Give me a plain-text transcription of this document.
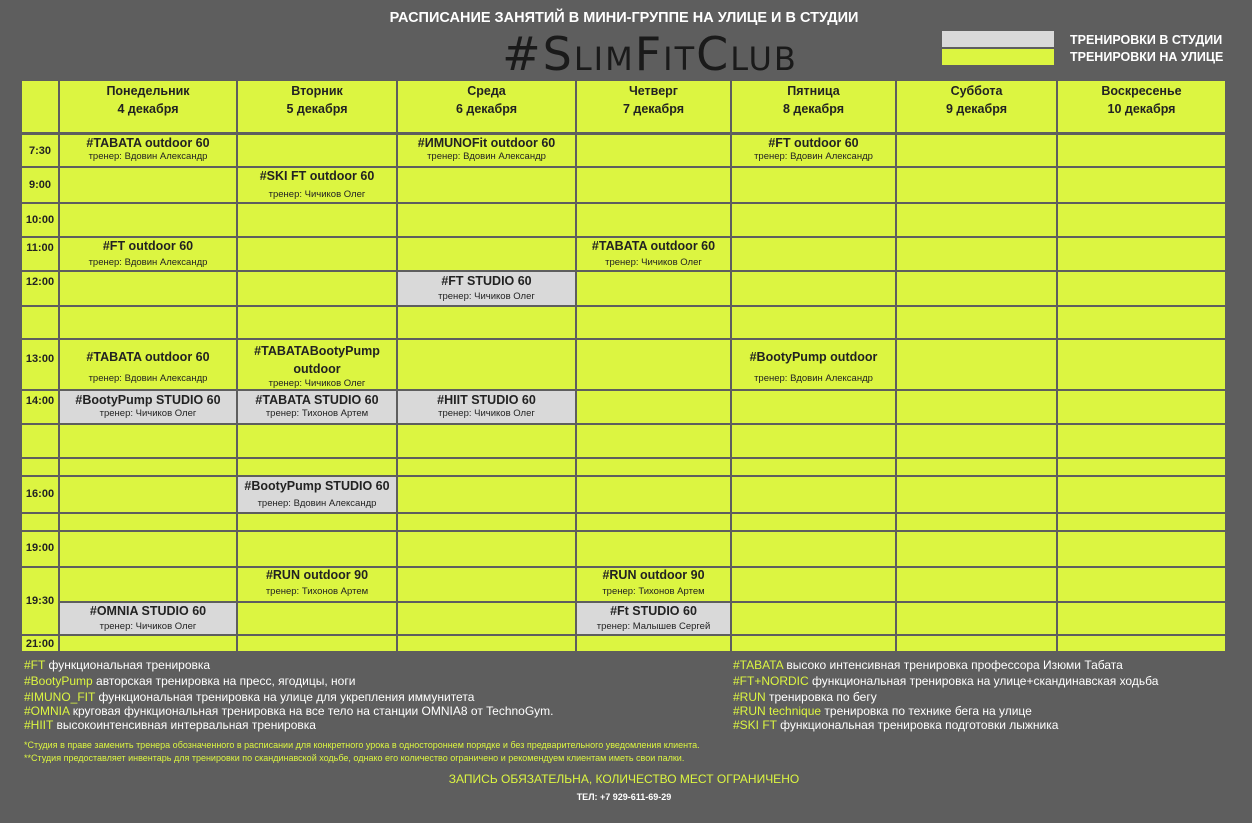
РАСПИСАНИЕ ЗАНЯТИЙ В МИНИ-ГРУППЕ НА УЛИЦЕ И В СТУДИИ
#SlimFitClub	ТРЕНИРОВКИ В СТУДИИ
ТРЕНИРОВКИ НА УЛИЦЕ
Понедельник
4 декабря
Вторник
5 декабря
Среда
6 декабря
Четверг
7 декабря
Пятница
8 декабря
Суббота
9 декабря
Воскресенье
10 декабря
7:30
9:00
10:00
11:00
12:00
13:00
14:00
16:00
19:00
19:30
21:00
#TABATA outdoor 60
тренер: Вдовин Александр
#ИMUNOFit outdoor 60
тренер: Вдовин Александр
#FT outdoor 60
тренер: Вдовин Александр
#SKI FT outdoor 60
тренер: Чичиков Олег
#FT outdoor 60
тренер: Вдовин Александр
#TABATA outdoor 60
тренер: Чичиков Олег
#FT STUDIO 60
тренер: Чичиков Олег
#TABATA outdoor 60
тренер: Вдовин Александр
#TABATABootyPump
outdoor
тренер: Чичиков Олег
#BootyPump outdoor
тренер: Вдовин Александр
#BootyPump STUDIO 60
тренер: Чичиков Олег
#TABATA STUDIO 60
тренер: Тихонов Артем
#HIIT STUDIO 60
тренер: Чичиков Олег
#BootyPump STUDIO 60
тренер: Вдовин Александр
#RUN outdoor 90
тренер: Тихонов Артем
#RUN outdoor 90
тренер: Тихонов Артем
#OMNIA STUDIO 60
тренер: Чичиков Олег
#Ft STUDIO 60
тренер: Малышев Сергей
#FT функциональная тренировка
#BootyPump авторская тренировка на пресс, ягодицы, ноги
#IMUNO_FIT функциональная тренировка на улице для укрепления иммунитета
#OMNIA круговая функциональная тренировка на все тело на станции OMNIA8 от TechnoGym.
#HIIT высокоинтенсивная интервальная тренировка
#TABATA высоко интенсивная тренировка профессора Изюми Табата
#FT+NORDIC функциональная тренировка на улице+скандинавская ходьба
#RUN тренировка по бегу
#RUN technique тренировка по технике бега на улице
#SKI FT функциональная тренировка подготовки лыжника
*Студия в праве заменить тренера обозначенного в расписании для конкретного урока в одностороннем порядке и без предварительного уведомления клиента.
**Студия предоставляет инвентарь для тренировки по скандинавской ходьбе, однако его количество ограничено и рекомендуем клиентам иметь свои палки.
ЗАПИСЬ ОБЯЗАТЕЛЬНА, КОЛИЧЕСТВО МЕСТ ОГРАНИЧЕНО
ТЕЛ: +7 929-611-69-29
